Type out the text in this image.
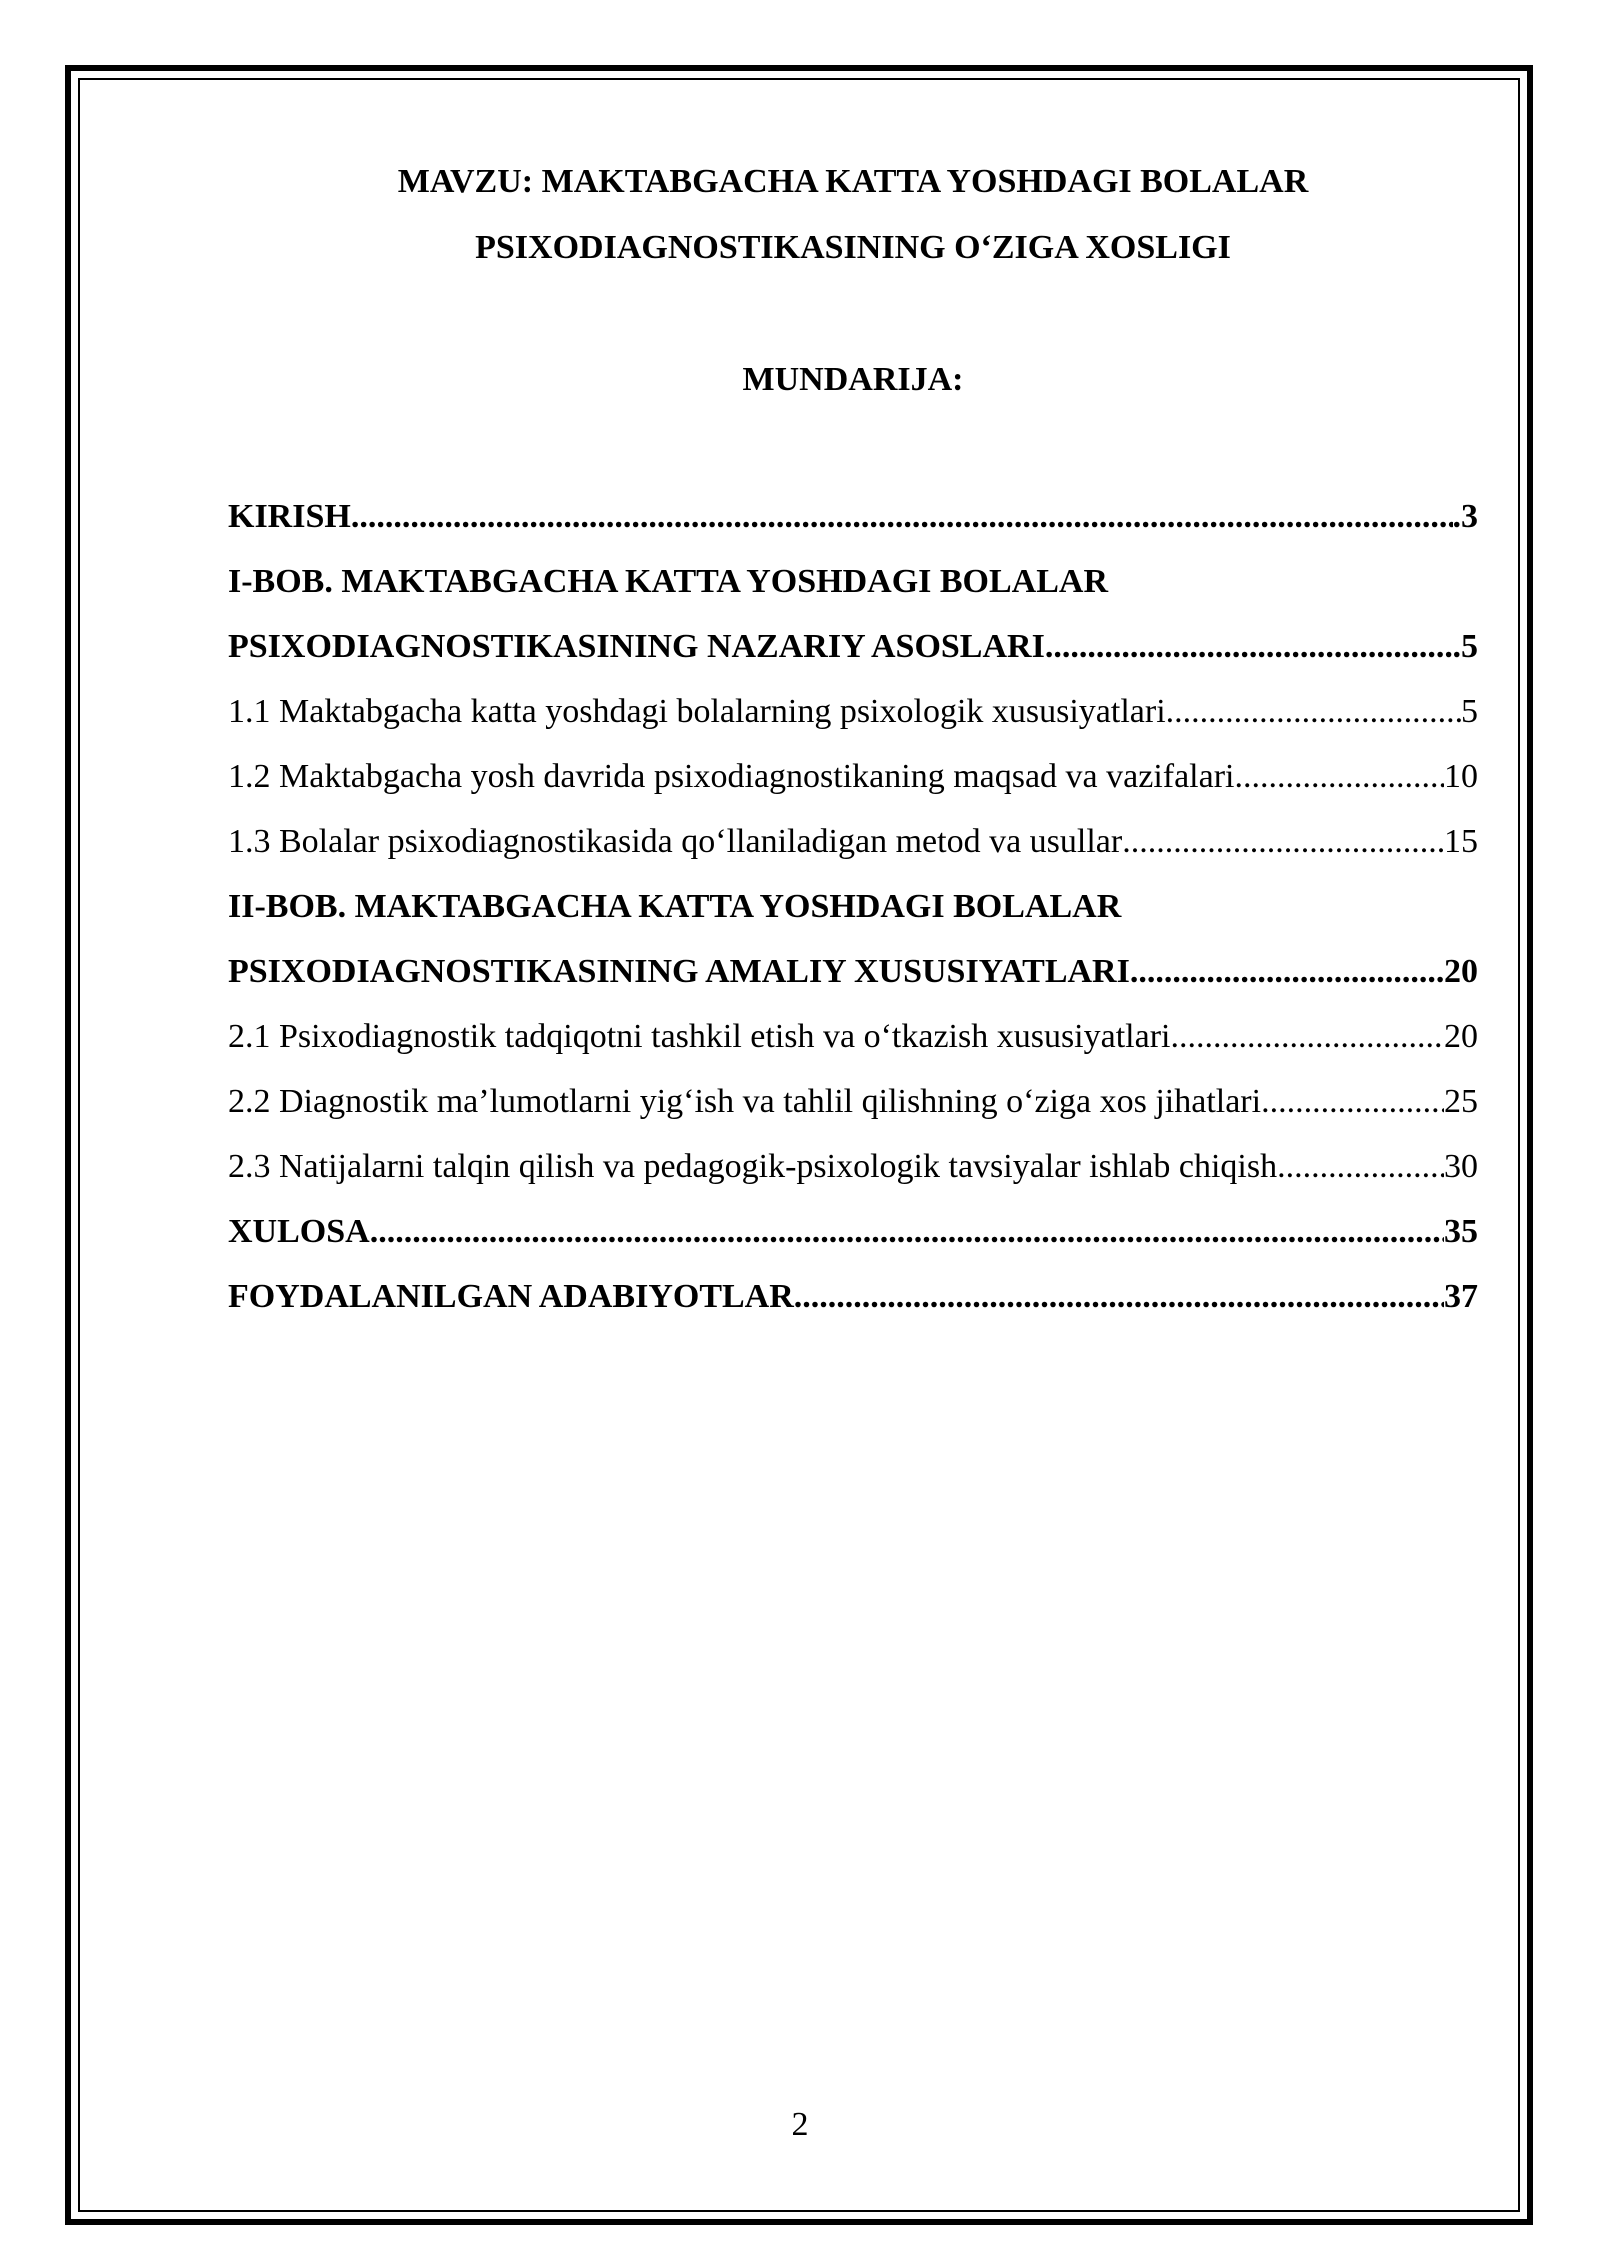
MAVZU: MAKTABGACHA KATTA YOSHDAGI BOLALAR
PSIXODIAGNOSTIKASINING O‘ZIGA XOSLIGI
MUNDARIJA:
KIRISH .....	.3
I-BOB. MAKTABGACHA KATTA YOSHDAGI BOLALAR
PSIXODIAGNOSTIKASINING NAZARIY ASOSLARI .....	.5
1.1 Maktabgacha katta yoshdagi bolalarning psixologik xususiyatlari .....	5
1.2 Maktabgacha yosh davrida psixodiagnostikaning maqsad va vazifalari .....	10
1.3 Bolalar psixodiagnostikasida qo‘llaniladigan metod va usullar .....	15
II-BOB. MAKTABGACHA KATTA YOSHDAGI BOLALAR
PSIXODIAGNOSTIKASINING AMALIY XUSUSIYATLARI .....	20
2.1 Psixodiagnostik tadqiqotni tashkil etish va o‘tkazish xususiyatlari .....	20
2.2 Diagnostik ma’lumotlarni yig‘ish va tahlil qilishning o‘ziga xos jihatlari .....	25
2.3 Natijalarni talqin qilish va pedagogik-psixologik tavsiyalar ishlab chiqish .....	30
XULOSA .....	35
FOYDALANILGAN ADABIYOTLAR .....	37
2
